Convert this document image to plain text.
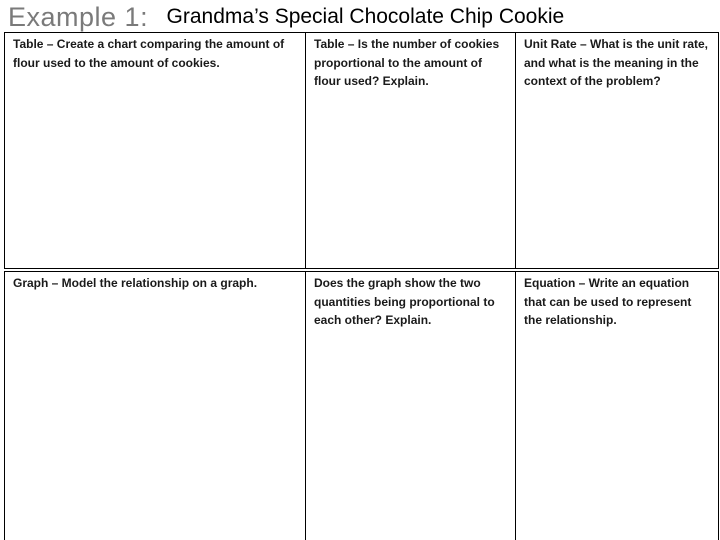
Example 1: Grandma’s Special Chocolate Chip Cookie
Table – Create a chart comparing the amount of flour used to the amount of cookies.
Table – Is the number of cookies proportional to the amount of flour used? Explain.
Unit Rate – What is the unit rate, and what is the meaning in the context of the problem?
Graph – Model the relationship on a graph.	Does the graph show the two quantities being proportional to each other? Explain.
Equation – Write an equation that can be used to represent the relationship.
